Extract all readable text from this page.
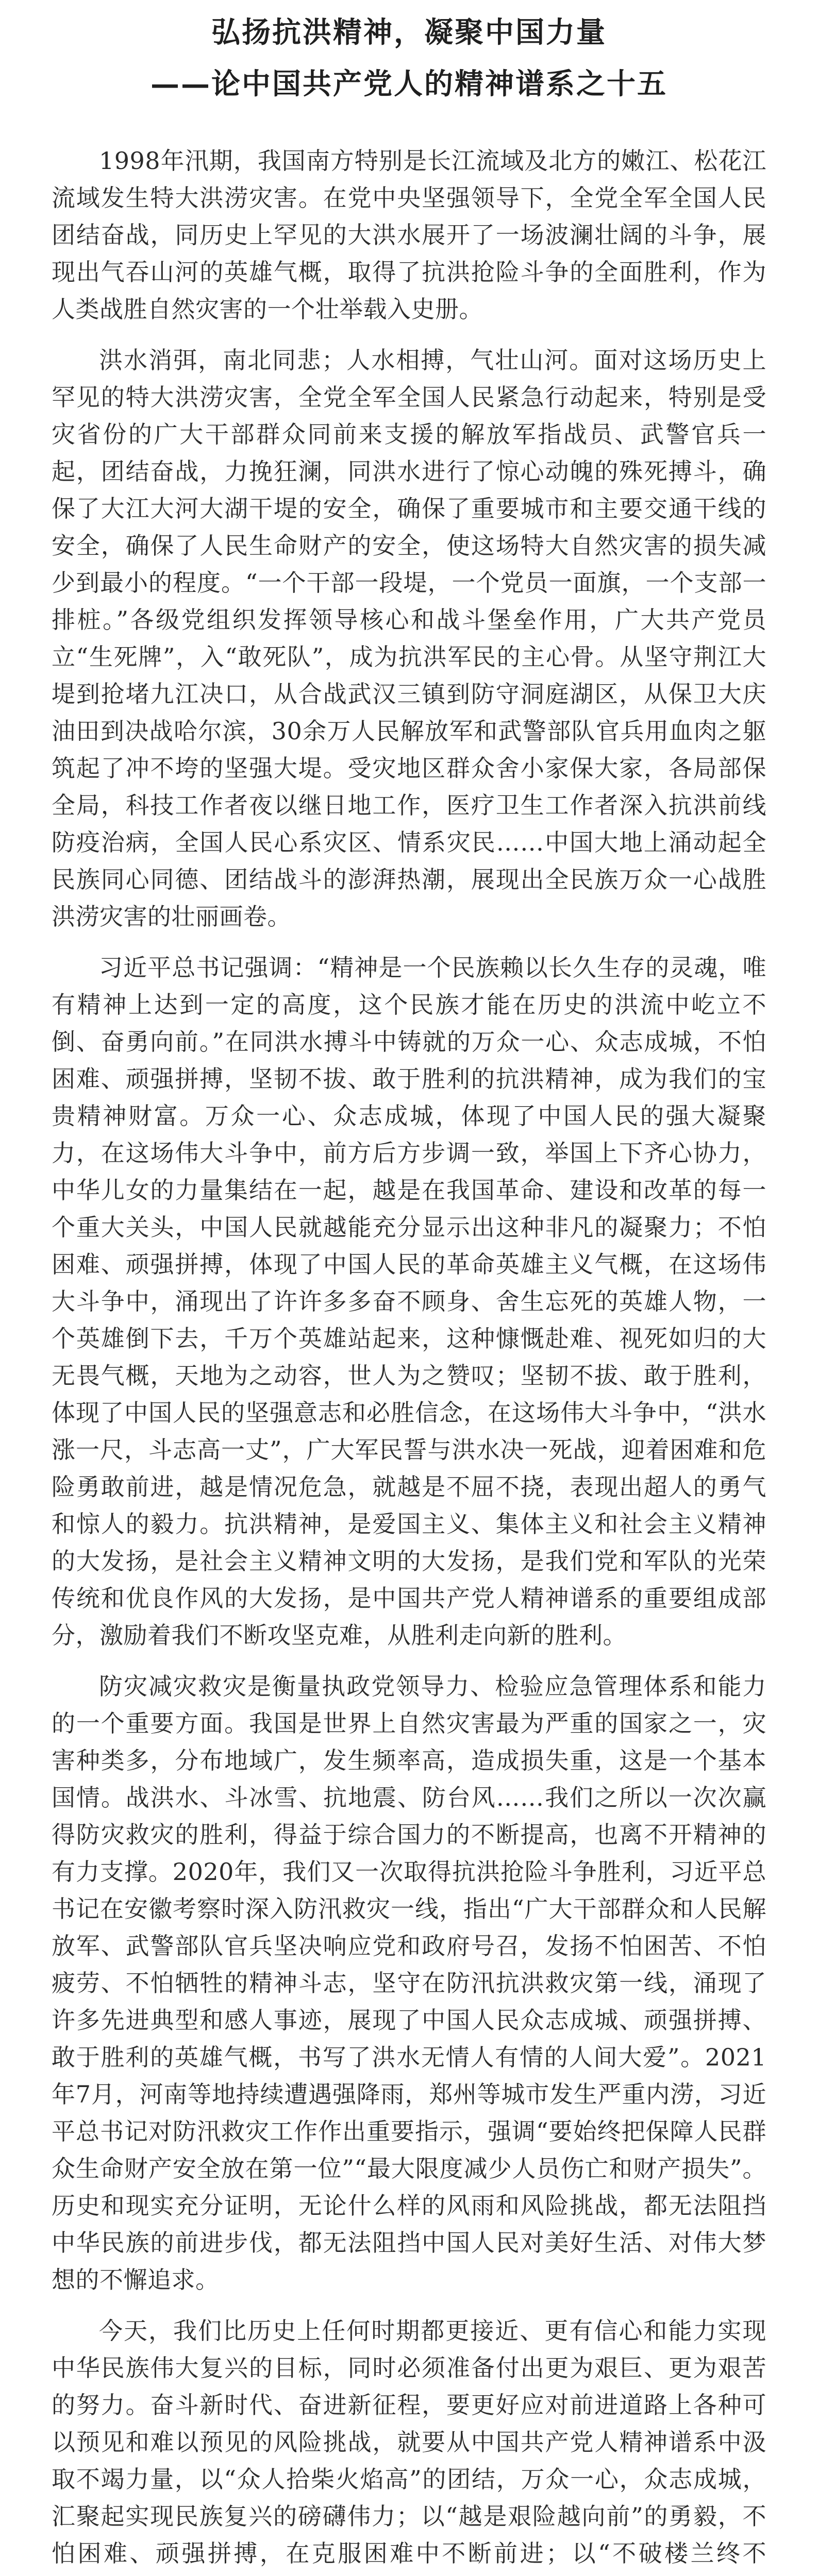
弘扬抗洪精神，凝聚中国力量
——论中国共产党人的精神谱系之十五

1998年汛期，我国南方特别是长江流域及北方的嫩江、松花江流域发生特大洪涝灾害。在党中央坚强领导下，全党全军全国人民团结奋战，同历史上罕见的大洪水展开了一场波澜壮阔的斗争，展现出气吞山河的英雄气概，取得了抗洪抢险斗争的全面胜利，作为人类战胜自然灾害的一个壮举载入史册。

洪水消弭，南北同悲；人水相搏，气壮山河。面对这场历史上罕见的特大洪涝灾害，全党全军全国人民紧急行动起来，特别是受灾省份的广大干部群众同前来支援的解放军指战员、武警官兵一起，团结奋战，力挽狂澜，同洪水进行了惊心动魄的殊死搏斗，确保了大江大河大湖干堤的安全，确保了重要城市和主要交通干线的安全，确保了人民生命财产的安全，使这场特大自然灾害的损失减少到最小的程度。“一个干部一段堤，一个党员一面旗，一个支部一排桩。”各级党组织发挥领导核心和战斗堡垒作用，广大共产党员立“生死牌”，入“敢死队”，成为抗洪军民的主心骨。从坚守荆江大堤到抢堵九江决口，从合战武汉三镇到防守洞庭湖区，从保卫大庆油田到决战哈尔滨，30余万人民解放军和武警部队官兵用血肉之躯筑起了冲不垮的坚强大堤。受灾地区群众舍小家保大家，各局部保全局，科技工作者夜以继日地工作，医疗卫生工作者深入抗洪前线防疫治病，全国人民心系灾区、情系灾民……中国大地上涌动起全民族同心同德、团结战斗的澎湃热潮，展现出全民族万众一心战胜洪涝灾害的壮丽画卷。

习近平总书记强调：“精神是一个民族赖以长久生存的灵魂，唯有精神上达到一定的高度，这个民族才能在历史的洪流中屹立不倒、奋勇向前。”在同洪水搏斗中铸就的万众一心、众志成城，不怕困难、顽强拼搏，坚韧不拔、敢于胜利的抗洪精神，成为我们的宝贵精神财富。万众一心、众志成城，体现了中国人民的强大凝聚力，在这场伟大斗争中，前方后方步调一致，举国上下齐心协力，中华儿女的力量集结在一起，越是在我国革命、建设和改革的每一个重大关头，中国人民就越能充分显示出这种非凡的凝聚力；不怕困难、顽强拼搏，体现了中国人民的革命英雄主义气概，在这场伟大斗争中，涌现出了许许多多奋不顾身、舍生忘死的英雄人物，一个英雄倒下去，千万个英雄站起来，这种慷慨赴难、视死如归的大无畏气概，天地为之动容，世人为之赞叹；坚韧不拔、敢于胜利，体现了中国人民的坚强意志和必胜信念，在这场伟大斗争中，“洪水涨一尺，斗志高一丈”，广大军民誓与洪水决一死战，迎着困难和危险勇敢前进，越是情况危急，就越是不屈不挠，表现出超人的勇气和惊人的毅力。抗洪精神，是爱国主义、集体主义和社会主义精神的大发扬，是社会主义精神文明的大发扬，是我们党和军队的光荣传统和优良作风的大发扬，是中国共产党人精神谱系的重要组成部分，激励着我们不断攻坚克难，从胜利走向新的胜利。

防灾减灾救灾是衡量执政党领导力、检验应急管理体系和能力的一个重要方面。我国是世界上自然灾害最为严重的国家之一，灾害种类多，分布地域广，发生频率高，造成损失重，这是一个基本国情。战洪水、斗冰雪、抗地震、防台风……我们之所以一次次赢得防灾救灾的胜利，得益于综合国力的不断提高，也离不开精神的有力支撑。2020年，我们又一次取得抗洪抢险斗争胜利，习近平总书记在安徽考察时深入防汛救灾一线，指出“广大干部群众和人民解放军、武警部队官兵坚决响应党和政府号召，发扬不怕困苦、不怕疲劳、不怕牺牲的精神斗志，坚守在防汛抗洪救灾第一线，涌现了许多先进典型和感人事迹，展现了中国人民众志成城、顽强拼搏、敢于胜利的英雄气概，书写了洪水无情人有情的人间大爱”。2021年7月，河南等地持续遭遇强降雨，郑州等城市发生严重内涝，习近平总书记对防汛救灾工作作出重要指示，强调“要始终把保障人民群众生命财产安全放在第一位”“最大限度减少人员伤亡和财产损失”。历史和现实充分证明，无论什么样的风雨和风险挑战，都无法阻挡中华民族的前进步伐，都无法阻挡中国人民对美好生活、对伟大梦想的不懈追求。

今天，我们比历史上任何时期都更接近、更有信心和能力实现中华民族伟大复兴的目标，同时必须准备付出更为艰巨、更为艰苦的努力。奋斗新时代、奋进新征程，要更好应对前进道路上各种可以预见和难以预见的风险挑战，就要从中国共产党人精神谱系中汲取不竭力量，以“众人拾柴火焰高”的团结，万众一心，众志成城，汇聚起实现民族复兴的磅礴伟力；以“越是艰险越向前”的勇毅，不怕困难、顽强拼搏，在克服困难中不断前进；以“不破楼兰终不
